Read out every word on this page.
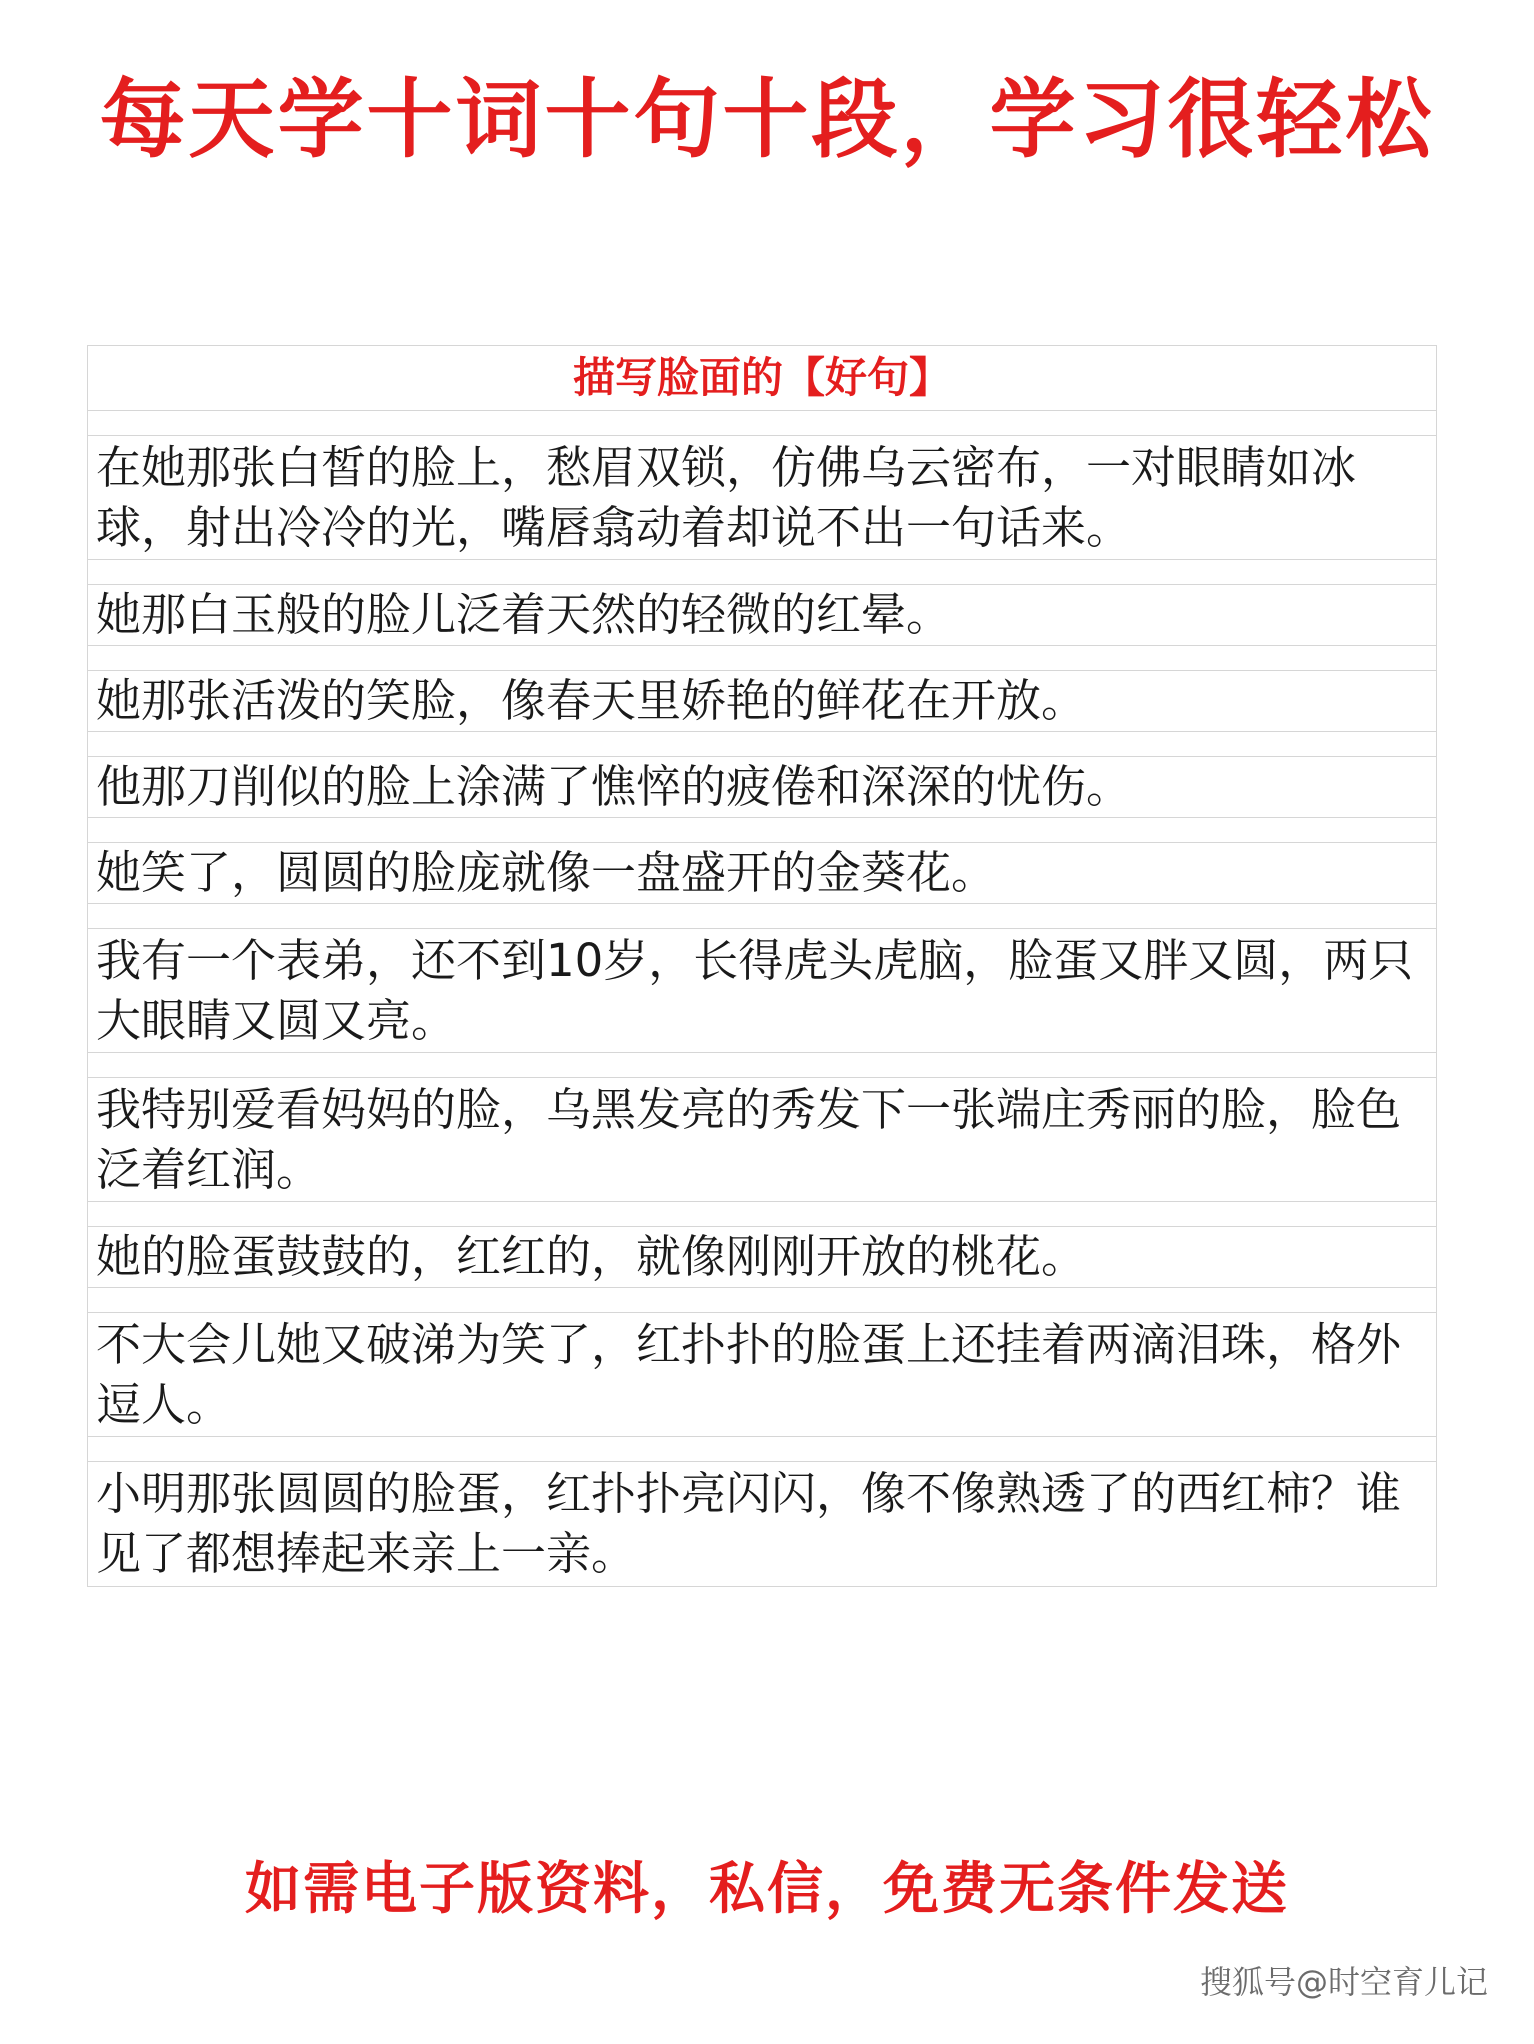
每天学十词十句十段，学习很轻松
描写脸面的【好句】
在她那张白皙的脸上，愁眉双锁，仿佛乌云密布，一对眼睛如冰球，射出冷冷的光，嘴唇翕动着却说不出一句话来。
她那白玉般的脸儿泛着天然的轻微的红晕。
她那张活泼的笑脸，像春天里娇艳的鲜花在开放。
他那刀削似的脸上涂满了憔悴的疲倦和深深的忧伤。
她笑了，圆圆的脸庞就像一盘盛开的金葵花。
我有一个表弟，还不到10岁，长得虎头虎脑，脸蛋又胖又圆，两只大眼睛又圆又亮。
我特别爱看妈妈的脸，乌黑发亮的秀发下一张端庄秀丽的脸，脸色泛着红润。
她的脸蛋鼓鼓的，红红的，就像刚刚开放的桃花。
不大会儿她又破涕为笑了，红扑扑的脸蛋上还挂着两滴泪珠，格外逗人。
小明那张圆圆的脸蛋，红扑扑亮闪闪，像不像熟透了的西红柿？谁见了都想捧起来亲上一亲。
如需电子版资料，私信，免费无条件发送
搜狐号@时空育儿记
